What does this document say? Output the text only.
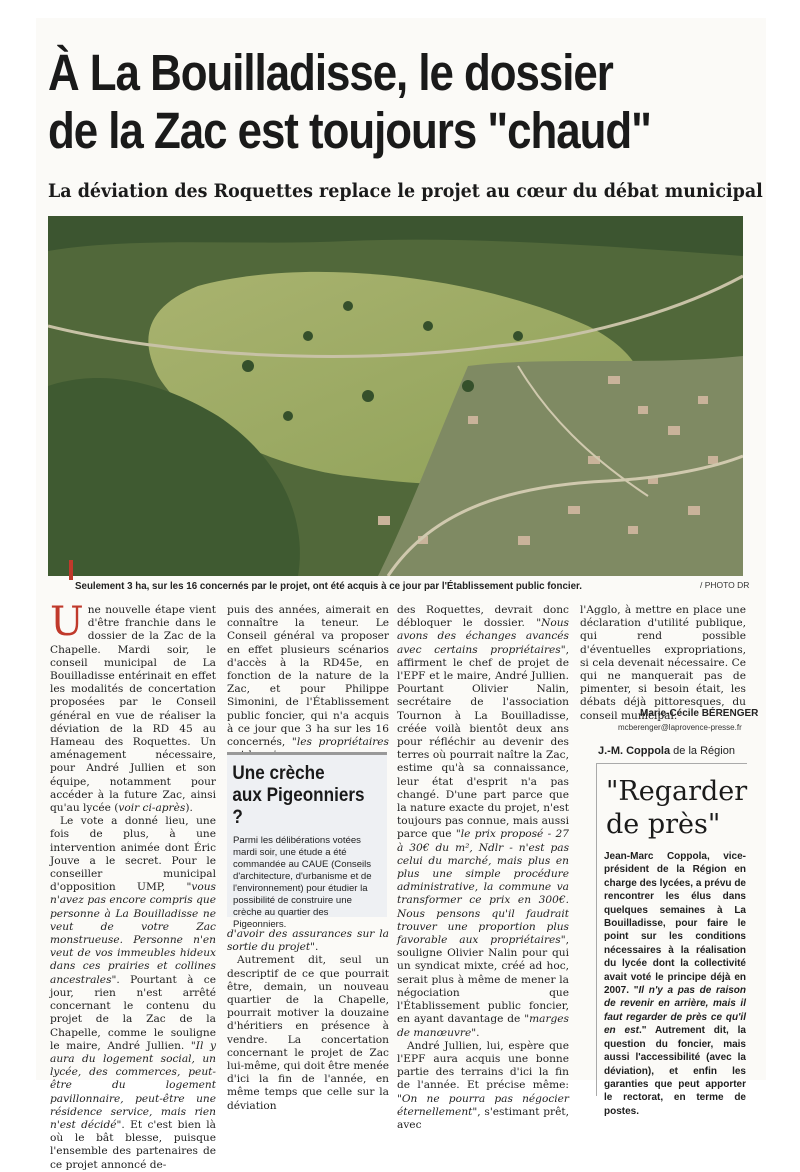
À La Bouilladisse, le dossier
de la Zac est toujours "chaud"
La déviation des Roquettes replace le projet au cœur du débat municipal
Seulement 3 ha, sur les 16 concernés par le projet, ont été acquis à ce jour par l'Établissement public foncier.	/ PHOTO DR

Une nouvelle étape vient d'être franchie dans le dossier de la Zac de la Chapelle. Mardi soir, le conseil municipal de La Bouilladisse entérinait en effet les modalités de concertation proposées par le Conseil général en vue de réaliser la déviation de la RD 45 au Hameau des Roquettes. Un aménagement nécessaire, pour André Jullien et son équipe, notamment pour accéder à la future Zac, ainsi qu'au lycée (voir ci-après).

Le vote a donné lieu, une fois de plus, à une intervention animée dont Éric Jouve a le secret. Pour le conseiller municipal d'opposition UMP, "vous n'avez pas encore compris que personne à La Bouilladisse ne veut de votre Zac monstrueuse. Personne n'en veut de vos immeubles hideux dans ces prairies et collines ancestrales". Pourtant à ce jour, rien n'est arrêté concernant le contenu du projet de la Zac de la Chapelle, comme le souligne le maire, André Jullien. "Il y aura du logement social, un lycée, des commerces, peut-être du logement pavillonnaire, peut-être une résidence service, mais rien n'est décidé". Et c'est bien là où le bât blesse, puisque l'ensemble des partenaires de ce projet annoncé de-

puis des années, aimerait en connaître la teneur. Le Conseil général va proposer en effet plusieurs scénarios d'accès à la RD45e, en fonction de la nature de la Zac, et pour Philippe Simonini, de l'Établissement public foncier, qui n'a acquis à ce jour que 3 ha sur les 16 concernés, "les propriétaires

Une crèche
aux Pigeonniers ?
Parmi les délibérations votées mardi soir, une étude a été commandée au CAUE (Conseils d'architecture, d'urbanisme et de l'environnement) pour étudier la possibilité de construire une crèche au quartier des Pigeonniers.

d'avoir des assurances sur la sortie du projet".

Autrement dit, seul un descriptif de ce que pourrait être, demain, un nouveau quartier de la Chapelle, pourrait motiver la douzaine d'héritiers en présence à vendre. La concertation concernant le projet de Zac lui-même, qui doit être menée d'ici la fin de l'année, en même temps que celle sur la déviation

des Roquettes, devrait donc débloquer le dossier. "Nous avons des échanges avancés avec certains propriétaires", affirment le chef de projet de l'EPF et le maire, André Jullien. Pourtant Olivier Nalin, secrétaire de l'association Tournon à La Bouilladisse, créée voilà bientôt deux ans pour réfléchir au devenir des terres où pourrait naître la Zac, estime qu'à sa connaissance, leur état d'esprit n'a pas changé. D'une part parce que la nature exacte du projet, n'est toujours pas connue, mais aussi parce que "le prix proposé - 27 à 30€ du m², Ndlr - n'est pas celui du marché, mais plus en plus une simple procédure administrative, la commune va transformer ce prix en 300€. Nous pensons qu'il faudrait trouver une proportion plus favorable aux propriétaires", souligne Olivier Nalin pour qui un syndicat mixte, créé ad hoc, serait plus à même de mener la négociation que l'Établissement public foncier, en ayant davantage de "marges de manœuvre".

André Jullien, lui, espère que l'EPF aura acquis une bonne partie des terrains d'ici la fin de l'année. Et précise même: "On ne pourra pas négocier éternellement", s'estimant prêt, avec

l'Agglo, à mettre en place une déclaration d'utilité publique, qui rend possible d'éventuelles expropriations, si cela devenait nécessaire. Ce qui ne manquerait pas de pimenter, si besoin était, les débats déjà pittoresques, du conseil municipal.

Marie-Cécile BÉRENGER
mcberenger@laprovence-presse.fr
J.-M. Coppola de la Région
"Regarder
de près"
Jean-Marc Coppola, vice-président de la Région en charge des lycées, a prévu de rencontrer les élus dans quelques semaines à La Bouilladisse, pour faire le point sur les conditions nécessaires à la réalisation du lycée dont la collectivité avait voté le principe déjà en 2007. "Il n'y a pas de raison de revenir en arrière, mais il faut regarder de près ce qu'il en est." Autrement dit, la question du foncier, mais aussi l'accessibilité (avec la déviation), et enfin les garanties que peut apporter le rectorat, en terme de postes.
